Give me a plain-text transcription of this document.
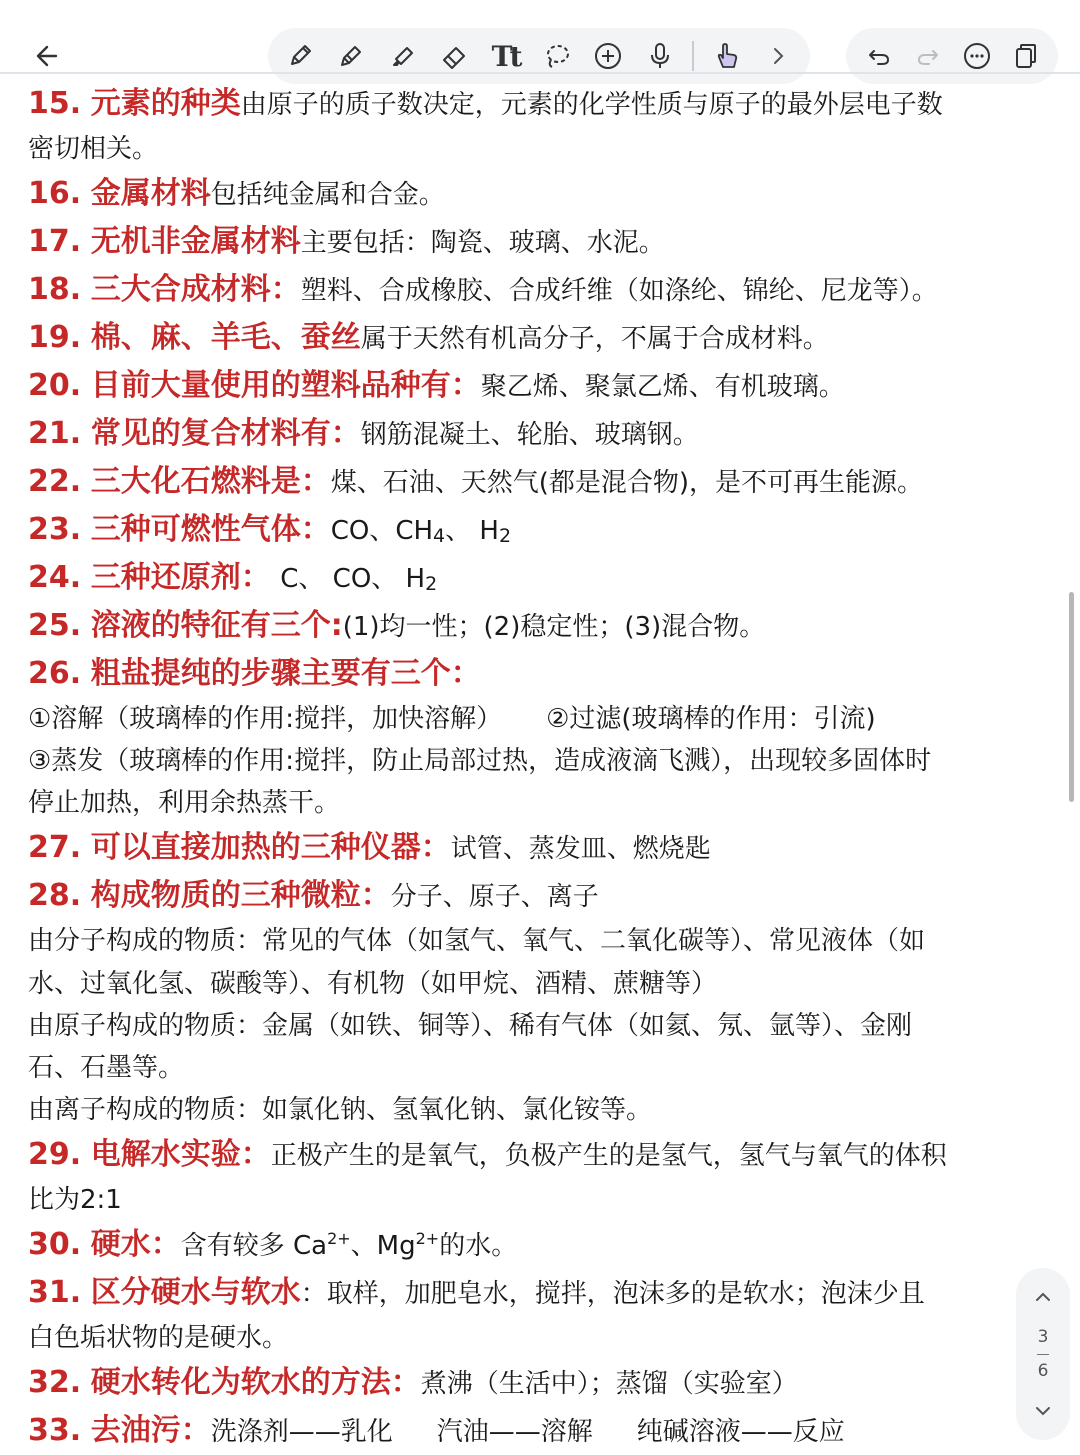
Tt
15. 元素的种类由原子的质子数决定，元素的化学性质与原子的最外层电子数
密切相关。
16. 金属材料包括纯金属和合金。
17. 无机非金属材料主要包括：陶瓷、玻璃、水泥。
18. 三大合成材料：塑料、合成橡胶、合成纤维（如涤纶、锦纶、尼龙等）。
19. 棉、麻、羊毛、蚕丝属于天然有机高分子，不属于合成材料。
20. 目前大量使用的塑料品种有：聚乙烯、聚氯乙烯、有机玻璃。
21. 常见的复合材料有：钢筋混凝土、轮胎、玻璃钢。
22. 三大化石燃料是：煤、石油、天然气(都是混合物)，是不可再生能源。
23. 三种可燃性气体：CO、CH4、 H2
24. 三种还原剂： C、 CO、 H2
25. 溶液的特征有三个:(1)均一性；(2)稳定性；(3)混合物。
26. 粗盐提纯的步骤主要有三个：
①溶解（玻璃棒的作用:搅拌，加快溶解） ②过滤(玻璃棒的作用：引流)
③蒸发（玻璃棒的作用:搅拌，防止局部过热，造成液滴飞溅），出现较多固体时
停止加热，利用余热蒸干。
27. 可以直接加热的三种仪器：试管、蒸发皿、燃烧匙
28. 构成物质的三种微粒：分子、原子、离子
由分子构成的物质：常见的气体（如氢气、氧气、二氧化碳等）、常见液体（如
水、过氧化氢、碳酸等）、有机物（如甲烷、酒精、蔗糖等）
由原子构成的物质：金属（如铁、铜等）、稀有气体（如氦、氖、氩等）、金刚
石、石墨等。
由离子构成的物质：如氯化钠、氢氧化钠、氯化铵等。
29. 电解水实验：正极产生的是氧气，负极产生的是氢气，氢气与氧气的体积
比为2:1
30. 硬水：含有较多 $Ca^{2+}$、$Mg^{2+}$的水。
31. 区分硬水与软水：取样，加肥皂水，搅拌，泡沫多的是软水；泡沫少且
白色垢状物的是硬水。
32. 硬水转化为软水的方法：煮沸（生活中）；蒸馏（实验室）
33. 去油污：洗涤剂——乳化 汽油——溶解 纯碱溶液——反应
3
6
